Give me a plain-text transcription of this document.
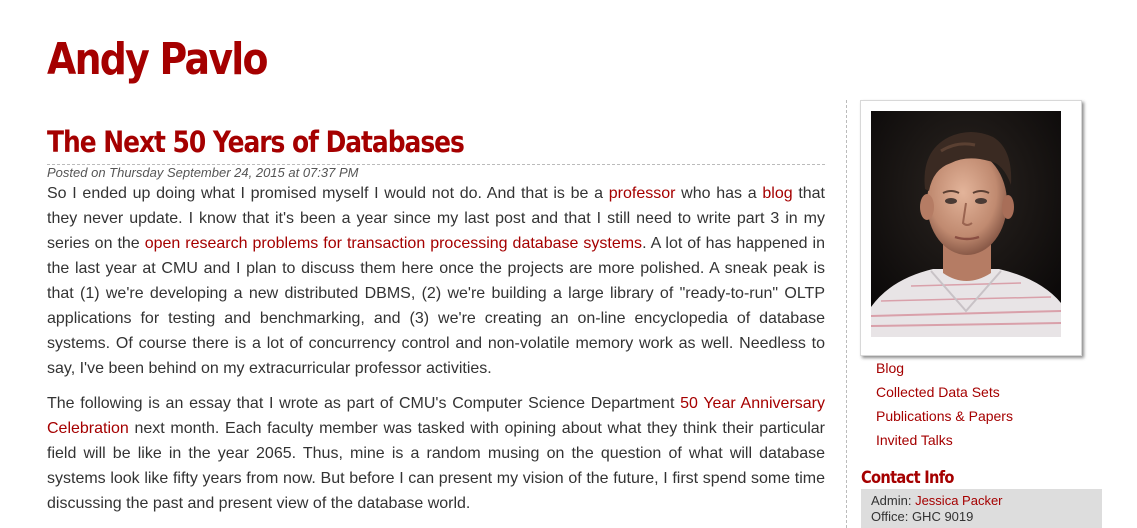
Andy Pavlo
The Next 50 Years of Databases
Posted on Thursday September 24, 2015 at 07:37 PM

So I ended up doing what I promised myself I would not do. And that is be a professor who has a blog that they never update. I know that it's been a year since my last post and that I still need to write part 3 in my series on the open research problems for transaction processing database systems. A lot of has happened in the last year at CMU and I plan to discuss them here once the projects are more polished. A sneak peak is that (1) we're developing a new distributed DBMS, (2) we're building a large library of "ready-to-run" OLTP applications for testing and benchmarking, and (3) we're creating an on-line encyclopedia of database systems. Of course there is a lot of concurrency control and non-volatile memory work as well. Needless to say, I've been behind on my extracurricular professor activities.

The following is an essay that I wrote as part of CMU's Computer Science Department 50 Year Anniversary Celebration next month. Each faculty member was tasked with opining about what they think their particular field will be like in the year 2065. Thus, mine is a random musing on the question of what will database systems look like fifty years from now. But before I can present my vision of the future, I first spend some time discussing the past and present view of the database world.

Blog
Collected Data Sets
Publications & Papers
Invited Talks
Contact Info
Admin: Jessica Packer
Office: GHC 9019
